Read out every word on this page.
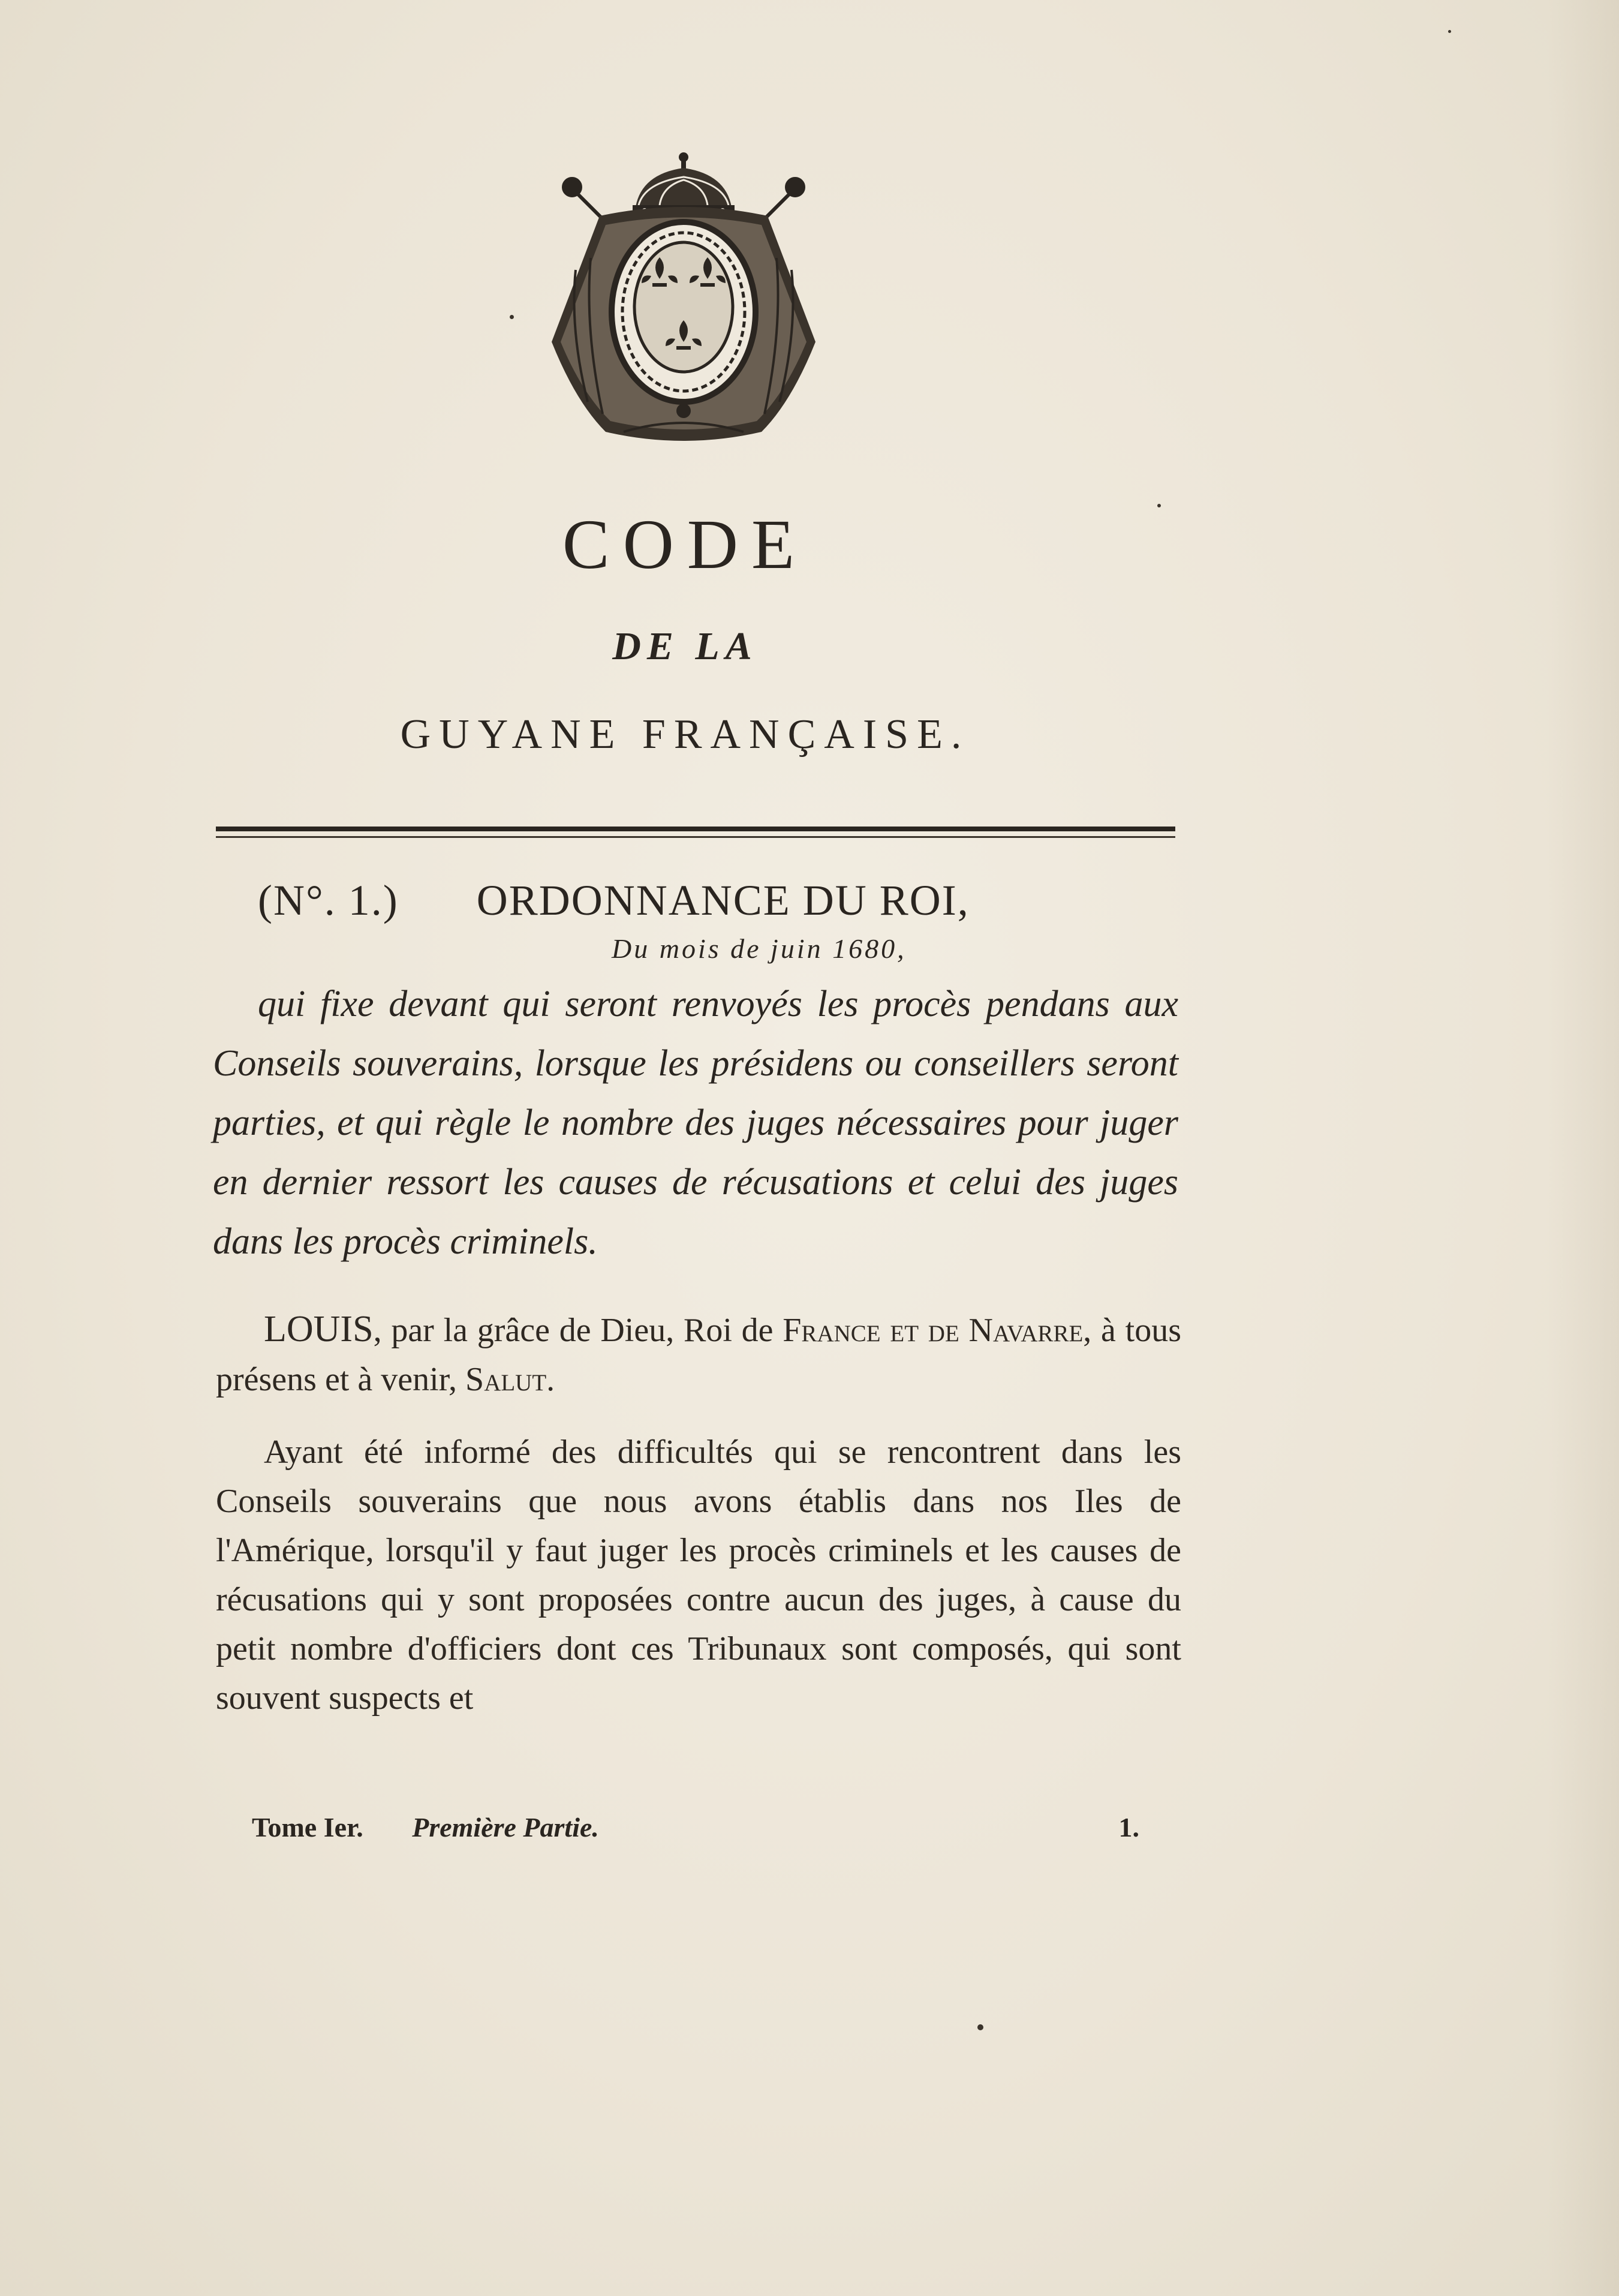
CODE
DE LA
GUYANE FRANÇAISE.
(N°. 1.) ORDONNANCE DU ROI,
Du mois de juin 1680,
qui fixe devant qui seront renvoyés les procès pendans aux Conseils souverains, lorsque les présidens ou conseillers seront parties, et qui règle le nombre des juges nécessaires pour juger en dernier ressort les causes de récusations et celui des juges dans les procès criminels.
LOUIS, par la grâce de Dieu, Roi de France et de Navarre, à tous présens et à venir, Salut.
Ayant été informé des difficultés qui se rencontrent dans les Conseils souverains que nous avons établis dans nos Iles de l'Amérique, lorsqu'il y faut juger les procès criminels et les causes de récusations qui y sont proposées contre aucun des juges, à cause du petit nombre d'officiers dont ces Tribunaux sont composés, qui sont souvent suspects et
Tome Ier. Première Partie.	1.
